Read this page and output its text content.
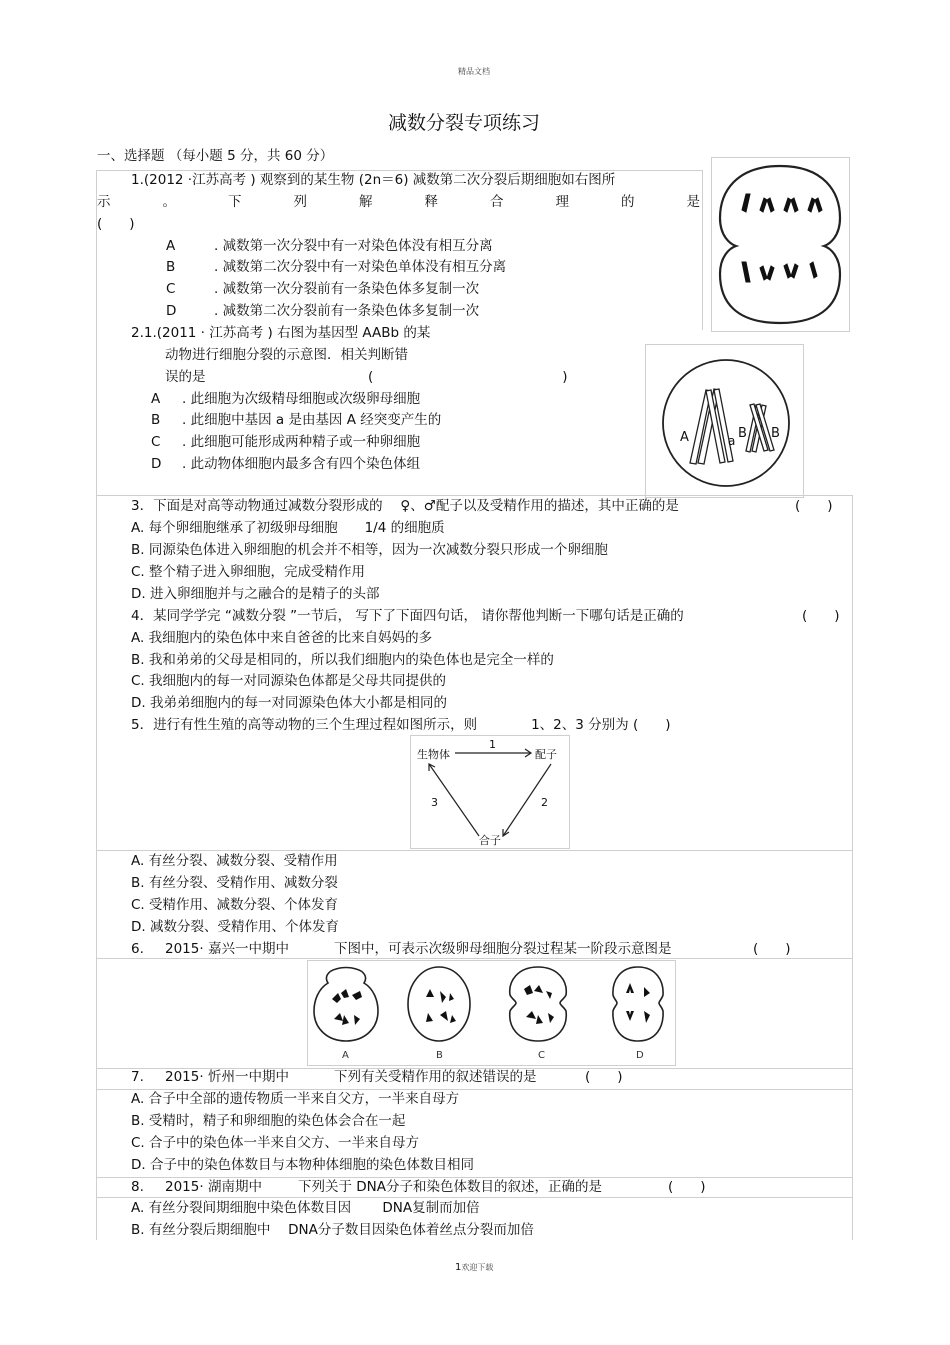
精品文档
减数分裂专项练习
一、选择题 （每小题 5 分，共 60 分）
1.(2012 ·江苏高考 ) 观察到的某生物 (2n＝6) 减数第二次分裂后期细胞如右图所
示	。	下	列	解	释	合	理	的	是
(　　)
A	. 减数第一次分裂中有一对染色体没有相互分离
B	. 减数第二次分裂中有一对染色单体没有相互分离
C	. 减数第一次分裂前有一条染色体多复制一次
D	. 减数第二次分裂前有一条染色体多复制一次
2.1.(2011 · 江苏高考 ) 右图为基因型 AABb 的某
动物进行细胞分裂的示意图．相关判断错
误的是	(　　　　　　　　　　　　　　)
A . 此细胞为次级精母细胞或次级卵母细胞
B . 此细胞中基因 a 是由基因 A 经突变产生的
C . 此细胞可能形成两种精子或一种卵细胞
D . 此动物体细胞内最多含有四个染色体组
A	a B B
3．下面是对高等动物通过减数分裂形成的　 ♀、♂配子以及受精作用的描述，其中正确的是	(　　)
A. 每个卵细胞继承了初级卵母细胞　　1/4 的细胞质
B. 同源染色体进入卵细胞的机会并不相等，因为一次减数分裂只形成一个卵细胞
C. 整个精子进入卵细胞，完成受精作用
D. 进入卵细胞并与之融合的是精子的头部
4．某同学学完 “减数分裂 ”一节后， 写下了下面四句话， 请你帮他判断一下哪句话是正确的	(　　)
A. 我细胞内的染色体中来自爸爸的比来自妈妈的多
B. 我和弟弟的父母是相同的，所以我们细胞内的染色体也是完全一样的
C. 我细胞内的每一对同源染色体都是父母共同提供的
D. 我弟弟细胞内的每一对同源染色体大小都是相同的
5．进行有性生殖的高等动物的三个生理过程如图所示，则　　　　1、2、3 分别为 (　　)
生物体	配子
合子
1
2
3
A. 有丝分裂、减数分裂、受精作用
B. 有丝分裂、受精作用、减数分裂
C. 受精作用、减数分裂、个体发育
D. 减数分裂、受精作用、个体发育
6. 2015· 嘉兴一中期中	下图中，可表示次级卵母细胞分裂过程某一阶段示意图是	(　　)
A	B	C	D
7. 2015· 忻州一中期中	下列有关受精作用的叙述错误的是	(　　)
A. 合子中全部的遗传物质一半来自父方，一半来自母方
B. 受精时，精子和卵细胞的染色体会合在一起
C. 合子中的染色体一半来自父方、一半来自母方
D. 合子中的染色体数目与本物种体细胞的染色体数目相同
8. 2015· 湖南期中	下列关于 DNA分子和染色体数目的叙述，正确的是	(　　)
A. 有丝分裂间期细胞中染色体数目因　　 DNA复制而加倍
B. 有丝分裂后期细胞中　 DNA分子数目因染色体着丝点分裂而加倍
1欢迎下载
